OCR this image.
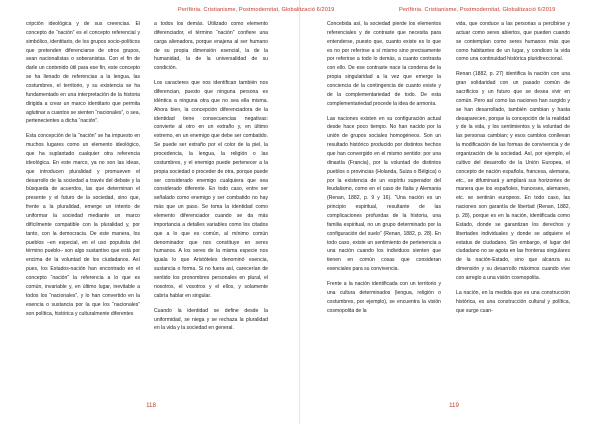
Perífèria. Cristianisme, Postmodernitat, Globalització 6/2019

cripción ideológica y de sus creencias. El concepto de “nación” es el concepto referencial y simbólico, identitario, de los grupos socio-políticos que pretenden diferenciarse de otros grupos, sean nacionalistas o soberanistas. Con el fin de darle un contenido útil para ese fin, este concepto se ha llenado de referencias a la lengua, las costumbres, el territorio, y su existencia se ha fundamentado en una interpretación de la historia dirigida a crear un marco identitario que permita aglutinar a cuantos se sienten “nacionales”, o sea, pertenecientes a dicha “nación”.

Esta concepción de la “nación” se ha impuesto en muchos lugares como un elemento ideológico, que ha suplantado cualquier otra referencia ideológica. En este marco, ya no son las ideas, que introducen pluralidad y promueven el desarrollo de la sociedad a través del debate y la búsqueda de acuerdos, las que determinan el presente y el futuro de la sociedad, sino que, frente a la pluralidad, emerge un intento de uniformar la sociedad mediante un marco difícilmente compatible con la pluralidad y, por tanto, con la democracia. De este manera, los pueblos –en especial, en el uso populista del término pueblo– son algo sustantivo que está por encima de la voluntad de los ciudadanos. Así pues, los Estados-nación han encontrado en el concepto “nación” la referencia a lo que es común, invariable y, en último lugar, inevitable a todos los “nacionales”, y lo han convertido en la esencia o sustancia por la que los “nacionales” son política, histórica y culturalmente diferentes

a todos los demás. Utilizado como elemento diferenciador, el término “nación” confiere una carga alienadora, porque enajena al ser humano de su propia dimensión esencial, la de la humanidad, la de la universalidad de su condición.

Los caracteres que nos identifican también nos diferencian, puesto que ninguna persona es idéntica a ninguna otra que no sea ella misma. Ahora bien, la concepción diferenciadora de la identidad tiene consecuencias negativas: convierte al otro en un extraño y, en último extremo, en un enemigo que debe ser combatido. Se puede ser extraño por el color de la piel, la procedencia, la lengua, la religión o las costumbres, y el enemigo puede pertenecer a la propia sociedad o proceder de otra, porque puede ser considerado enemigo cualquiera que sea considerado diferente. En todo caso, entre ser señalado como enemigo y ser combatido no hay más que un paso. Se toma la identidad como elemento diferenciador cuando se da más importancia a detalles variables como los citados que a lo que es común, al mínimo común denominador que nos constituye en seres humanos. A los seres de la misma especie nos iguala lo que Aristóteles denominó esencia, sustancia o forma. Si no fuera así, carecerían de sentido los pronombres personales en plural, el nosotros, el vosotros y el ellos, y solamente cabría hablar en singular.

Cuando la identidad se define desde la uniformidad, se niega y se rechaza la pluralidad en la vida y la sociedad en general.

118
Perífèria. Cristianisme, Postmodernitat, Globalització 6/2019

Concebida así, la sociedad pierde los elementos referenciales y de contraste que necesita para entenderse, puesto que, cuanto existe es lo que es no por referirse a sí mismo sino precisamente por referirse a todo lo demás, a cuanto contrasta con ello. De ese contraste nace la condena de la propia singularidad a la vez que emerge la conciencia de la contingencia de cuanto existe y de la complementariedad de todo. De esta complementariedad procede la idea de armonía.

Las naciones existen en su configuración actual desde hace poco tiempo. No han nacido por la unión de grupos sociales homogéneos. Son un resultado histórico producido por distintos hechos que han convergido en el mismo sentido: por una dinastía (Francia), por la voluntad de distintos pueblos o provincias (Holanda, Suiza o Bélgica) o por la existencia de un espíritu superador del feudalismo, como en el caso de Italia y Alemania (Renan, 1882, p. 9 y 16). “Una nación es un principio espiritual, resultante de las complicaciones profundas de la historia, una familia espiritual, no un grupo determinado por la configuración del suelo” (Renan, 1882, p. 28). En todo caso, existe un sentimiento de pertenencia a una nación cuando los individuos sienten que tienen en común cosas que consideran esenciales para su convivencia.

Frente a la nación identificada con un territorio y una cultura determinados (lengua, religión o costumbres, por ejemplo), se encuentra la visión cosmopolita de la

vida, que conduce a las personas a percibirse y actuar como seres abiertos, que pueden cuando se contemplan como seres humanos más que como habitantes de un lugar, y condicen la vida como una continuidad histórica pluridireccional.

Renan (1882, p. 27) identifica la nación con una gran solidaridad con un pasado común de sacrificios y un futuro que se desea vivir en común. Pero así como las naciones han surgido y se han desarrollado, también cambian y hasta desaparecen, porque la concepción de la realidad y de la vida, y los sentimientos y la voluntad de las personas cambian; y esos cambios conllevan la modificación de las formas de convivencia y de organización de la sociedad. Así, por ejemplo, el cultivo del desarrollo de la Unión Europea, el concepto de nación española, francesa, alemana, etc., se difuminará y ampliará sus horizontes de manera que los españoles, franceses, alemanes, etc. se sentirán europeos. En todo caso, las naciones son garantía de libertad (Renan, 1882, p. 28), porque es en la nación, identificada como Estado, donde se garantizan los derechos y libertades individuales y donde se adquiere el estatus de ciudadano. Sin embargo, el lugar del ciudadano no se agota en las fronteras singulares de la nación-Estado, sino que alcanza su dimensión y su desarrollo máximos cuando vive con arreglo a una visión cosmopolita.

La nación, en la medida que es una construcción histórica, es una construcción cultural y política, que surge cuan-

119
